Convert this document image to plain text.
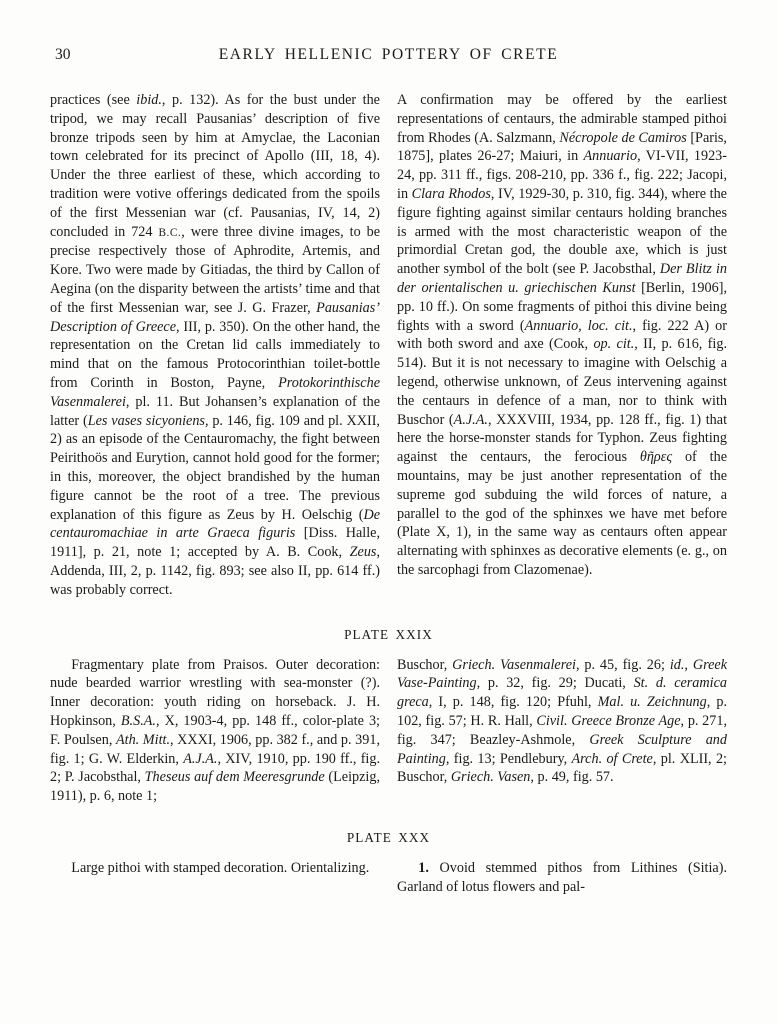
30	EARLY HELLENIC POTTERY OF CRETE

practices (see ibid., p. 132). As for the bust under the tripod, we may recall Pausanias’ description of five bronze tripods seen by him at Amyclae, the Laconian town celebrated for its precinct of Apollo (III, 18, 4). Under the three earliest of these, which according to tradition were votive offerings dedicated from the spoils of the first Messenian war (cf. Pausanias, IV, 14, 2) concluded in 724 B.C., were three divine images, to be precise respectively those of Aphrodite, Artemis, and Kore. Two were made by Gitiadas, the third by Callon of Aegina (on the disparity between the artists’ time and that of the first Messenian war, see J. G. Frazer, Pausanias’ Description of Greece, III, p. 350). On the other hand, the representation on the Cretan lid calls immediately to mind that on the famous Protocorinthian toilet-bottle from Corinth in Boston, Payne, Protokorinthische Vasenmalerei, pl. 11. But Johansen’s explanation of the latter (Les vases sicyoniens, p. 146, fig. 109 and pl. XXII, 2) as an episode of the Centauromachy, the fight between Peirithoös and Eurytion, cannot hold good for the former; in this, moreover, the object brandished by the human figure cannot be the root of a tree. The previous explanation of this figure as Zeus by H. Oelschig (De centauromachiae in arte Graeca figuris [Diss. Halle, 1911], p. 21, note 1; accepted by A. B. Cook, Zeus, Addenda, III, 2, p. 1142, fig. 893; see also II, pp. 614 ff.) was probably correct.

A confirmation may be offered by the earliest representations of centaurs, the admirable stamped pithoi from Rhodes (A. Salzmann, Nécropole de Camiros [Paris, 1875], plates 26-27; Maiuri, in Annuario, VI-VII, 1923-24, pp. 311 ff., figs. 208-210, pp. 336 f., fig. 222; Jacopi, in Clara Rhodos, IV, 1929-30, p. 310, fig. 344), where the figure fighting against similar centaurs holding branches is armed with the most characteristic weapon of the primordial Cretan god, the double axe, which is just another symbol of the bolt (see P. Jacobsthal, Der Blitz in der orientalischen u. griechischen Kunst [Berlin, 1906], pp. 10 ff.). On some fragments of pithoi this divine being fights with a sword (Annuario, loc. cit., fig. 222 A) or with both sword and axe (Cook, op. cit., II, p. 616, fig. 514). But it is not necessary to imagine with Oelschig a legend, otherwise unknown, of Zeus intervening against the centaurs in defence of a man, nor to think with Buschor (A.J.A., XXXVIII, 1934, pp. 128 ff., fig. 1) that here the horse-monster stands for Typhon. Zeus fighting against the centaurs, the ferocious θῆρες of the mountains, may be just another representation of the supreme god subduing the wild forces of nature, a parallel to the god of the sphinxes we have met before (Plate X, 1), in the same way as centaurs often appear alternating with sphinxes as decorative elements (e. g., on the sarcophagi from Clazomenae).

PLATE XXIX

Fragmentary plate from Praisos. Outer decoration: nude bearded warrior wrestling with sea-monster (?). Inner decoration: youth riding on horseback. J. H. Hopkinson, B.S.A., X, 1903-4, pp. 148 ff., color-plate 3; F. Poulsen, Ath. Mitt., XXXI, 1906, pp. 382 f., and p. 391, fig. 1; G. W. Elderkin, A.J.A., XIV, 1910, pp. 190 ff., fig. 2; P. Jacobsthal, Theseus auf dem Meeresgrunde (Leipzig, 1911), p. 6, note 1;

Buschor, Griech. Vasenmalerei, p. 45, fig. 26; id., Greek Vase-Painting, p. 32, fig. 29; Ducati, St. d. ceramica greca, I, p. 148, fig. 120; Pfuhl, Mal. u. Zeichnung, p. 102, fig. 57; H. R. Hall, Civil. Greece Bronze Age, p. 271, fig. 347; Beazley-Ashmole, Greek Sculpture and Painting, fig. 13; Pendlebury, Arch. of Crete, pl. XLII, 2; Buschor, Griech. Vasen, p. 49, fig. 57.

PLATE XXX

Large pithoi with stamped decoration. Orientalizing.	1. Ovoid stemmed pithos from Lithines (Sitia). Garland of lotus flowers and pal-
